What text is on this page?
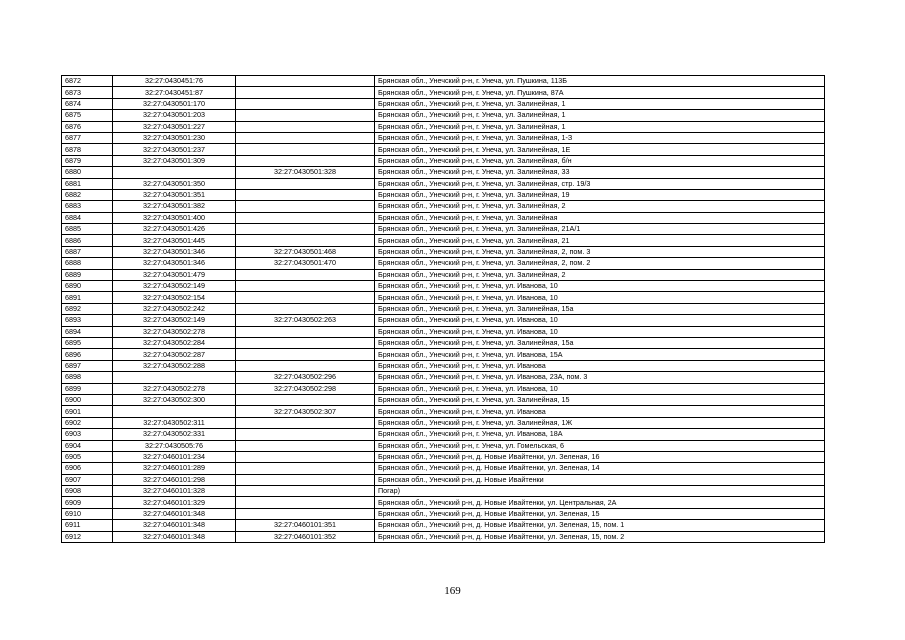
6872	32:27:0430451:76		Брянская обл., Унечский р-н, г. Унеча, ул. Пушкина, 113Б
6873	32:27:0430451:87		Брянская обл., Унечский р-н, г. Унеча, ул. Пушкина, 87А
6874	32:27:0430501:170		Брянская обл., Унечский р-н, г. Унеча, ул. Залинейная, 1
6875	32:27:0430501:203		Брянская обл., Унечский р-н, г. Унеча, ул. Залинейная, 1
6876	32:27:0430501:227		Брянская обл., Унечский р-н, г. Унеча, ул. Залинейная, 1
6877	32:27:0430501:230		Брянская обл., Унечский р-н, г. Унеча, ул. Залинейная, 1-З
6878	32:27:0430501:237		Брянская обл., Унечский р-н, г. Унеча, ул. Залинейная, 1Е
6879	32:27:0430501:309		Брянская обл., Унечский р-н, г. Унеча, ул. Залинейная, б/н
6880		32:27:0430501:328	Брянская обл., Унечский р-н, г. Унеча, ул. Залинейная, 33
6881	32:27:0430501:350		Брянская обл., Унечский р-н, г. Унеча, ул. Залинейная, стр. 19/3
6882	32:27:0430501:351		Брянская обл., Унечский р-н, г. Унеча, ул. Залинейная, 19
6883	32:27:0430501:382		Брянская обл., Унечский р-н, г. Унеча, ул. Залинейная, 2
6884	32:27:0430501:400		Брянская обл., Унечский р-н, г. Унеча, ул. Залинейная
6885	32:27:0430501:426		Брянская обл., Унечский р-н, г. Унеча, ул. Залинейная, 21А/1
6886	32:27:0430501:445		Брянская обл., Унечский р-н, г. Унеча, ул. Залинейная, 21
6887	32:27:0430501:346	32:27:0430501:468	Брянская обл., Унечский р-н, г. Унеча, ул. Залинейная, 2, пом. 3
6888	32:27:0430501:346	32:27:0430501:470	Брянская обл., Унечский р-н, г. Унеча, ул. Залинейная, 2, пом. 2
6889	32:27:0430501:479		Брянская обл., Унечский р-н, г. Унеча, ул. Залинейная, 2
6890	32:27:0430502:149		Брянская обл., Унечский р-н, г. Унеча, ул. Иванова, 10
6891	32:27:0430502:154		Брянская обл., Унечский р-н, г. Унеча, ул. Иванова, 10
6892	32:27:0430502:242		Брянская обл., Унечский р-н, г. Унеча, ул. Залинейная, 15а
6893	32:27:0430502:149	32:27:0430502:263	Брянская обл., Унечский р-н, г. Унеча, ул. Иванова, 10
6894	32:27:0430502:278		Брянская обл., Унечский р-н, г. Унеча, ул. Иванова, 10
6895	32:27:0430502:284		Брянская обл., Унечский р-н, г. Унеча, ул. Залинейная, 15а
6896	32:27:0430502:287		Брянская обл., Унечский р-н, г. Унеча, ул. Иванова, 15А
6897	32:27:0430502:288		Брянская обл., Унечский р-н, г. Унеча, ул. Иванова
6898		32:27:0430502:296	Брянская обл., Унечский р-н, г. Унеча, ул. Иванова, 23А, пом. 3
6899	32:27:0430502:278	32:27:0430502:298	Брянская обл., Унечский р-н, г. Унеча, ул. Иванова, 10
6900	32:27:0430502:300		Брянская обл., Унечский р-н, г. Унеча, ул. Залинейная, 15
6901		32:27:0430502:307	Брянская обл., Унечский р-н, г. Унеча, ул. Иванова
6902	32:27:0430502:311		Брянская обл., Унечский р-н, г. Унеча, ул. Залинейная, 1Ж
6903	32:27:0430502:331		Брянская обл., Унечский р-н, г. Унеча, ул. Иванова, 18А
6904	32:27:0430505:76		Брянская обл., Унечский р-н, г. Унеча, ул. Гомельская, 6
6905	32:27:0460101:234		Брянская обл., Унечский р-н, д. Новые Ивайтенки, ул. Зеленая, 16
6906	32:27:0460101:289		Брянская обл., Унечский р-н, д. Новые Ивайтенки, ул. Зеленая, 14
6907	32:27:0460101:298		Брянская обл., Унечский р-н, д. Новые Ивайтенки
6908	32:27:0460101:328		Погар)
6909	32:27:0460101:329		Брянская обл., Унечский р-н, д. Новые Ивайтенки, ул. Центральная, 2А
6910	32:27:0460101:348		Брянская обл., Унечский р-н, д. Новые Ивайтенки, ул. Зеленая, 15
6911	32:27:0460101:348	32:27:0460101:351	Брянская обл., Унечский р-н, д. Новые Ивайтенки, ул. Зеленая, 15, пом. 1
6912	32:27:0460101:348	32:27:0460101:352	Брянская обл., Унечский р-н, д. Новые Ивайтенки, ул. Зеленая, 15, пом. 2
169
